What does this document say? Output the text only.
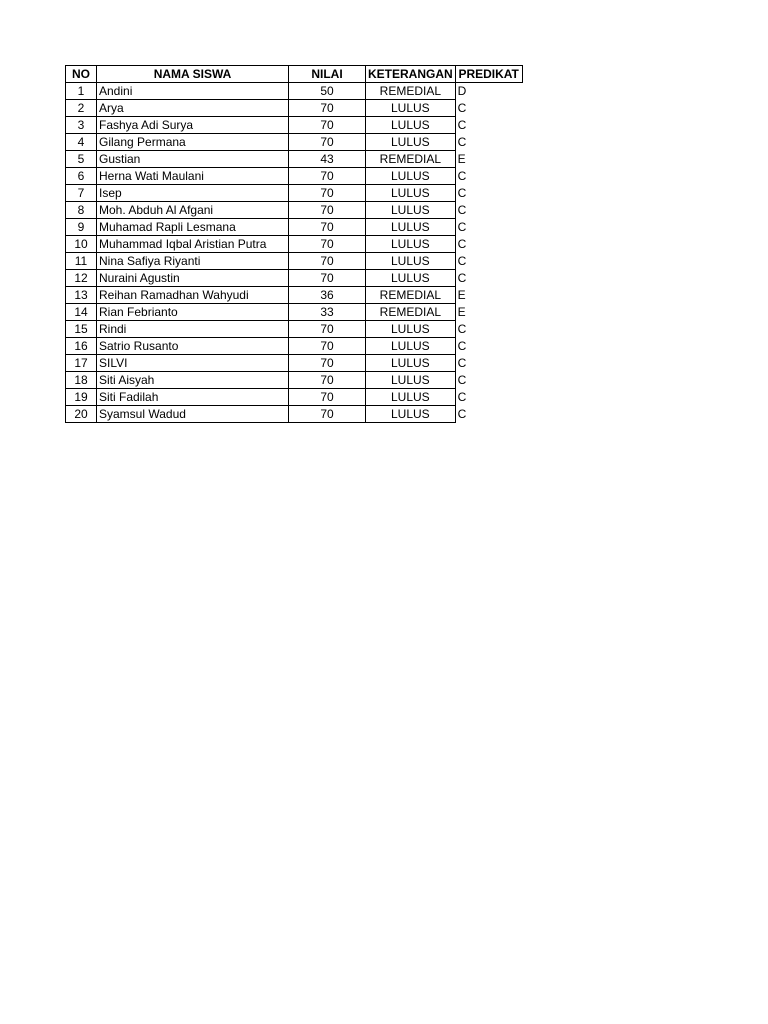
NO	NAMA SISWA	NILAI	KETERANGAN	PREDIKAT
1	Andini	50	REMEDIAL	D
2	Arya	70	LULUS	C
3	Fashya Adi Surya	70	LULUS	C
4	Gilang Permana	70	LULUS	C
5	Gustian	43	REMEDIAL	E
6	Herna Wati Maulani	70	LULUS	C
7	Isep	70	LULUS	C
8	Moh. Abduh Al Afgani	70	LULUS	C
9	Muhamad Rapli Lesmana	70	LULUS	C
10	Muhammad Iqbal Aristian Putra	70	LULUS	C
11	Nina Safiya Riyanti	70	LULUS	C
12	Nuraini Agustin	70	LULUS	C
13	Reihan Ramadhan Wahyudi	36	REMEDIAL	E
14	Rian Febrianto	33	REMEDIAL	E
15	Rindi	70	LULUS	C
16	Satrio Rusanto	70	LULUS	C
17	SILVI	70	LULUS	C
18	Siti Aisyah	70	LULUS	C
19	Siti Fadilah	70	LULUS	C
20	Syamsul Wadud	70	LULUS	C
